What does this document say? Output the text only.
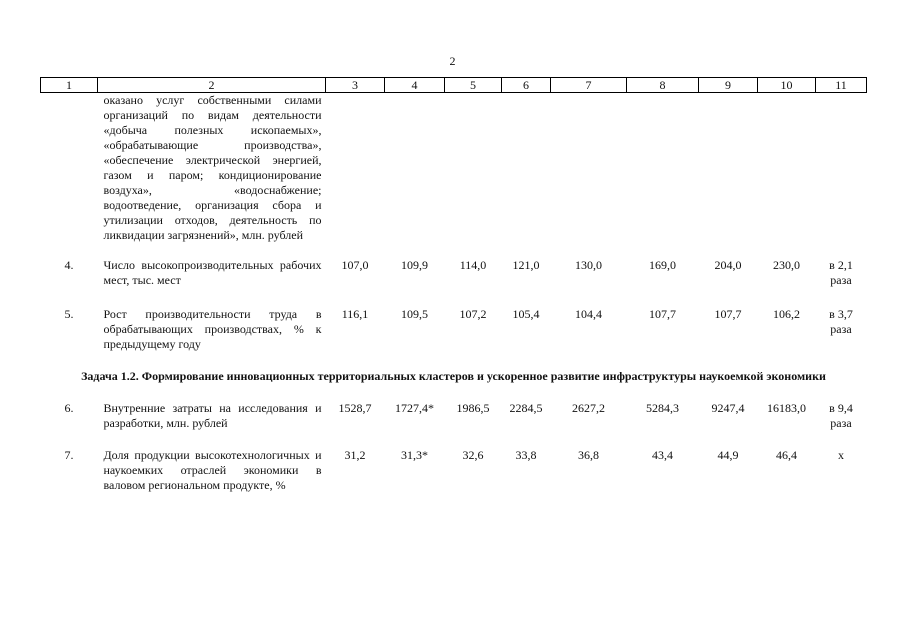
2
1	2	3	4	5	6	7	8	9	10	11
	оказано услуг собственными силами организаций по видам деятельности «добыча полезных ископаемых», «обрабатывающие производства», «обеспечение электрической энергией, газом и паром; кондиционирование воздуха», «водоснабжение; водоотведение, организация сбора и утилизации отходов, деятельность по ликвидации загрязнений», млн. рублей									

4.	Число высокопроизводительных рабочих мест, тыс. мест	107,0	109,9	114,0	121,0	130,0	169,0	204,0	230,0	в 2,1
раза

5.	Рост производительности труда в обрабатывающих производствах, % к предыдущему году	116,1	109,5	107,2	105,4	104,4	107,7	107,7	106,2	в 3,7
раза

Задача 1.2. Формирование инновационных территориальных кластеров и ускоренное развитие инфраструктуры наукоемкой экономики										

6.	Внутренние затраты на исследования и разработки, млн. рублей	1528,7	1727,4*	1986,5	2284,5	2627,2	5284,3	9247,4	16183,0	в 9,4
раза

7.	Доля продукции высокотехнологичных и наукоемких отраслей экономики в валовом региональном продукте, %	31,2	31,3*	32,6	33,8	36,8	43,4	44,9	46,4	х
